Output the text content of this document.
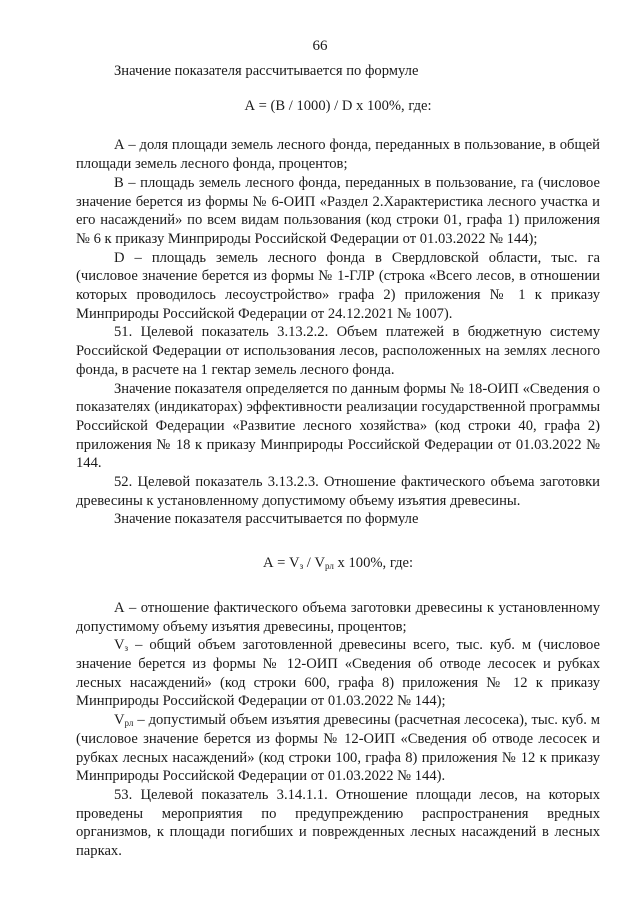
66

Значение показателя рассчитывается по формуле

А = (В / 1000) / D х 100%, где:

А – доля площади земель лесного фонда, переданных в пользование, в общей площади земель лесного фонда, процентов;

В – площадь земель лесного фонда, переданных в пользование, га (числовое значение берется из формы № 6-ОИП «Раздел 2.Характеристика лесного участка и его насаждений» по всем видам пользования (код строки 01, графа 1) приложения № 6 к приказу Минприроды Российской Федерации от 01.03.2022 № 144);

D – площадь земель лесного фонда в Свердловской области, тыс. га (числовое значение берется из формы № 1-ГЛР (строка «Всего лесов, в отношении которых проводилось лесоустройство» графа 2) приложения № 1 к приказу Минприроды Российской Федерации от 24.12.2021 № 1007).

51. Целевой показатель 3.13.2.2. Объем платежей в бюджетную систему Российской Федерации от использования лесов, расположенных на землях лесного фонда, в расчете на 1 гектар земель лесного фонда.

Значение показателя определяется по данным формы № 18-ОИП «Сведения о показателях (индикаторах) эффективности реализации государственной программы Российской Федерации «Развитие лесного хозяйства» (код строки 40, графа 2) приложения № 18 к приказу Минприроды Российской Федерации от 01.03.2022 № 144.

52. Целевой показатель 3.13.2.3. Отношение фактического объема заготовки древесины к установленному допустимому объему изъятия древесины.

Значение показателя рассчитывается по формуле

$А = V_з / V_{рл}$ х 100%, где:

А – отношение фактического объема заготовки древесины к установленному допустимому объему изъятия древесины, процентов;

$V_з$ – общий объем заготовленной древесины всего, тыс. куб. м (числовое значение берется из формы № 12-ОИП «Сведения об отводе лесосек и рубках лесных насаждений» (код строки 600, графа 8) приложения № 12 к приказу Минприроды Российской Федерации от 01.03.2022 № 144);

$V_{рл}$ – допустимый объем изъятия древесины (расчетная лесосека), тыс. куб. м (числовое значение берется из формы № 12-ОИП «Сведения об отводе лесосек и рубках лесных насаждений» (код строки 100, графа 8) приложения № 12 к приказу Минприроды Российской Федерации от 01.03.2022 № 144).

53. Целевой показатель 3.14.1.1. Отношение площади лесов, на которых проведены мероприятия по предупреждению распространения вредных организмов, к площади погибших и поврежденных лесных насаждений в лесных парках.
